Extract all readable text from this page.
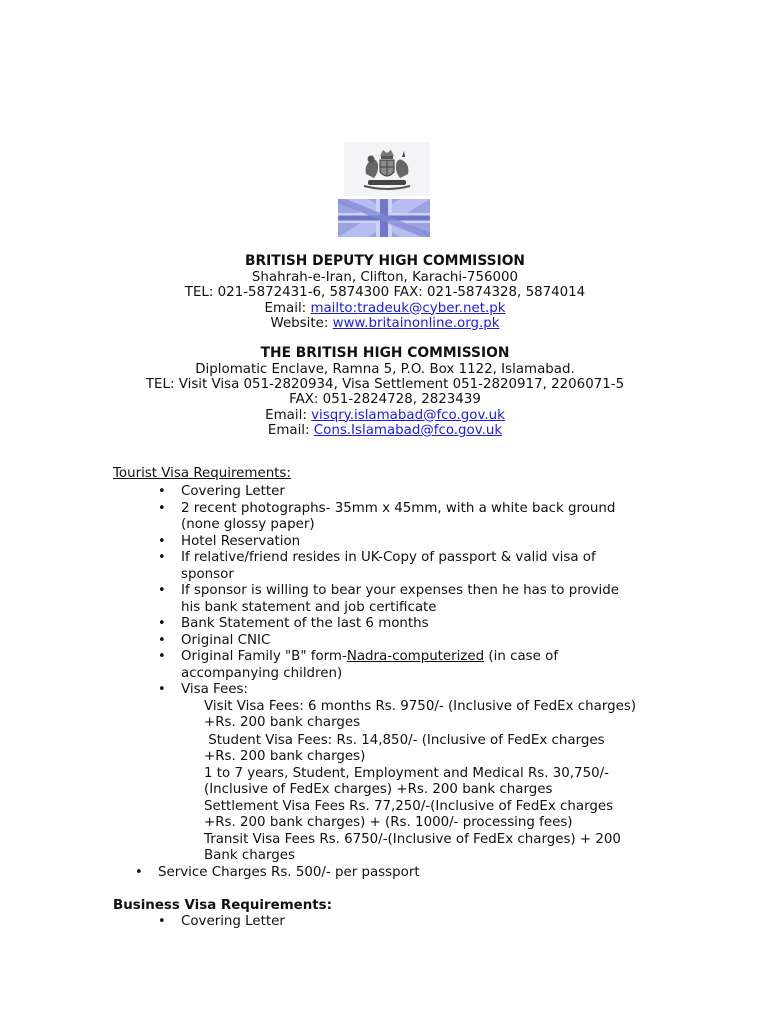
BRITISH DEPUTY HIGH COMMISSION
Shahrah-e-Iran, Clifton, Karachi-756000
TEL: 021-5872431-6, 5874300 FAX: 021-5874328, 5874014
Email: mailto:tradeuk@cyber.net.pk
Website: www.britainonline.org.pk
THE BRITISH HIGH COMMISSION
Diplomatic Enclave, Ramna 5, P.O. Box 1122, Islamabad.
TEL: Visit Visa 051-2820934, Visa Settlement 051-2820917, 2206071-5
FAX: 051-2824728, 2823439
Email: visqry.islamabad@fco.gov.uk
Email: Cons.Islamabad@fco.gov.uk
Tourist Visa Requirements:
• Covering Letter
• 2 recent photographs- 35mm x 45mm, with a white back ground
(none glossy paper)
• Hotel Reservation
• If relative/friend resides in UK-Copy of passport & valid visa of
sponsor
• If sponsor is willing to bear your expenses then he has to provide
his bank statement and job certificate
• Bank Statement of the last 6 months
• Original CNIC
• Original Family "B" form-Nadra-computerized (in case of
accompanying children)
• Visa Fees:
Visit Visa Fees: 6 months Rs. 9750/- (Inclusive of FedEx charges)
+Rs. 200 bank charges
Student Visa Fees: Rs. 14,850/- (Inclusive of FedEx charges
+Rs. 200 bank charges)
1 to 7 years, Student, Employment and Medical Rs. 30,750/-
(Inclusive of FedEx charges) +Rs. 200 bank charges
Settlement Visa Fees Rs. 77,250/-(Inclusive of FedEx charges
+Rs. 200 bank charges) + (Rs. 1000/- processing fees)
Transit Visa Fees Rs. 6750/-(Inclusive of FedEx charges) + 200
Bank charges
• Service Charges Rs. 500/- per passport
Business Visa Requirements:
• Covering Letter
